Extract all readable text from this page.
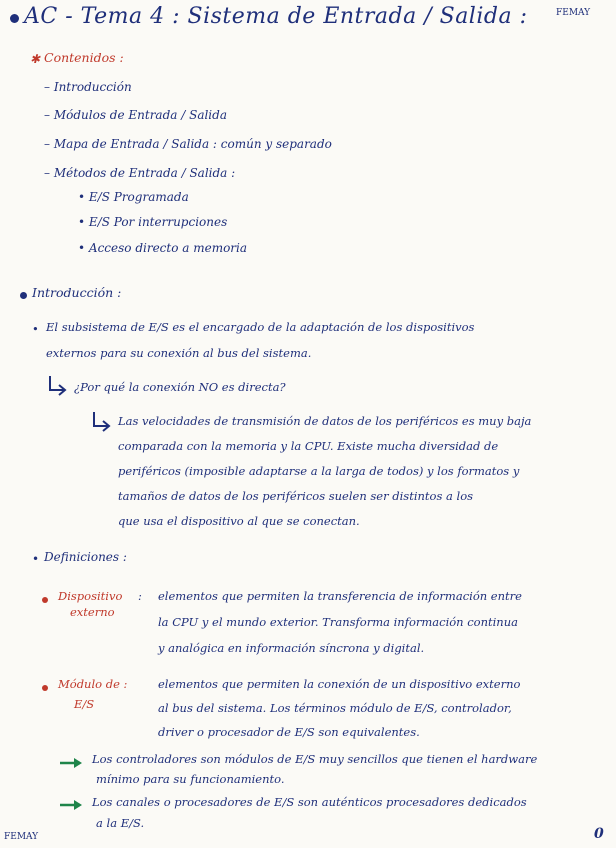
AC - Tema 4 : Sistema de Entrada / Salida :	FEMAY
✱ Contenidos :
– Introducción
– Módulos de Entrada / Salida
– Mapa de Entrada / Salida : común y separado
– Métodos de Entrada / Salida :
• E/S Programada
• E/S Por interrupciones
• Acceso directo a memoria
Introducción :
• El subsistema de E/S es el encargado de la adaptación de los dispositivos
externos para su conexión al bus del sistema.
¿Por qué la conexión NO es directa?
Las velocidades de transmisión de datos de los periféricos es muy baja
comparada con la memoria y la CPU. Existe mucha diversidad de
periféricos (imposible adaptarse a la larga de todos) y los formatos y
tamaños de datos de los periféricos suelen ser distintos a los
que usa el dispositivo al que se conectan.
• Definiciones :
Dispositivo :
externo
elementos que permiten la transferencia de información entre
la CPU y el mundo exterior. Transforma información continua
y analógica en información síncrona y digital.
Módulo de :
E/S
elementos que permiten la conexión de un dispositivo externo
al bus del sistema. Los términos módulo de E/S, controlador,
driver o procesador de E/S son equivalentes.
Los controladores son módulos de E/S muy sencillos que tienen el hardware
mínimo para su funcionamiento.
Los canales o procesadores de E/S son auténticos procesadores dedicados
a la E/S.
FEMAY	0
